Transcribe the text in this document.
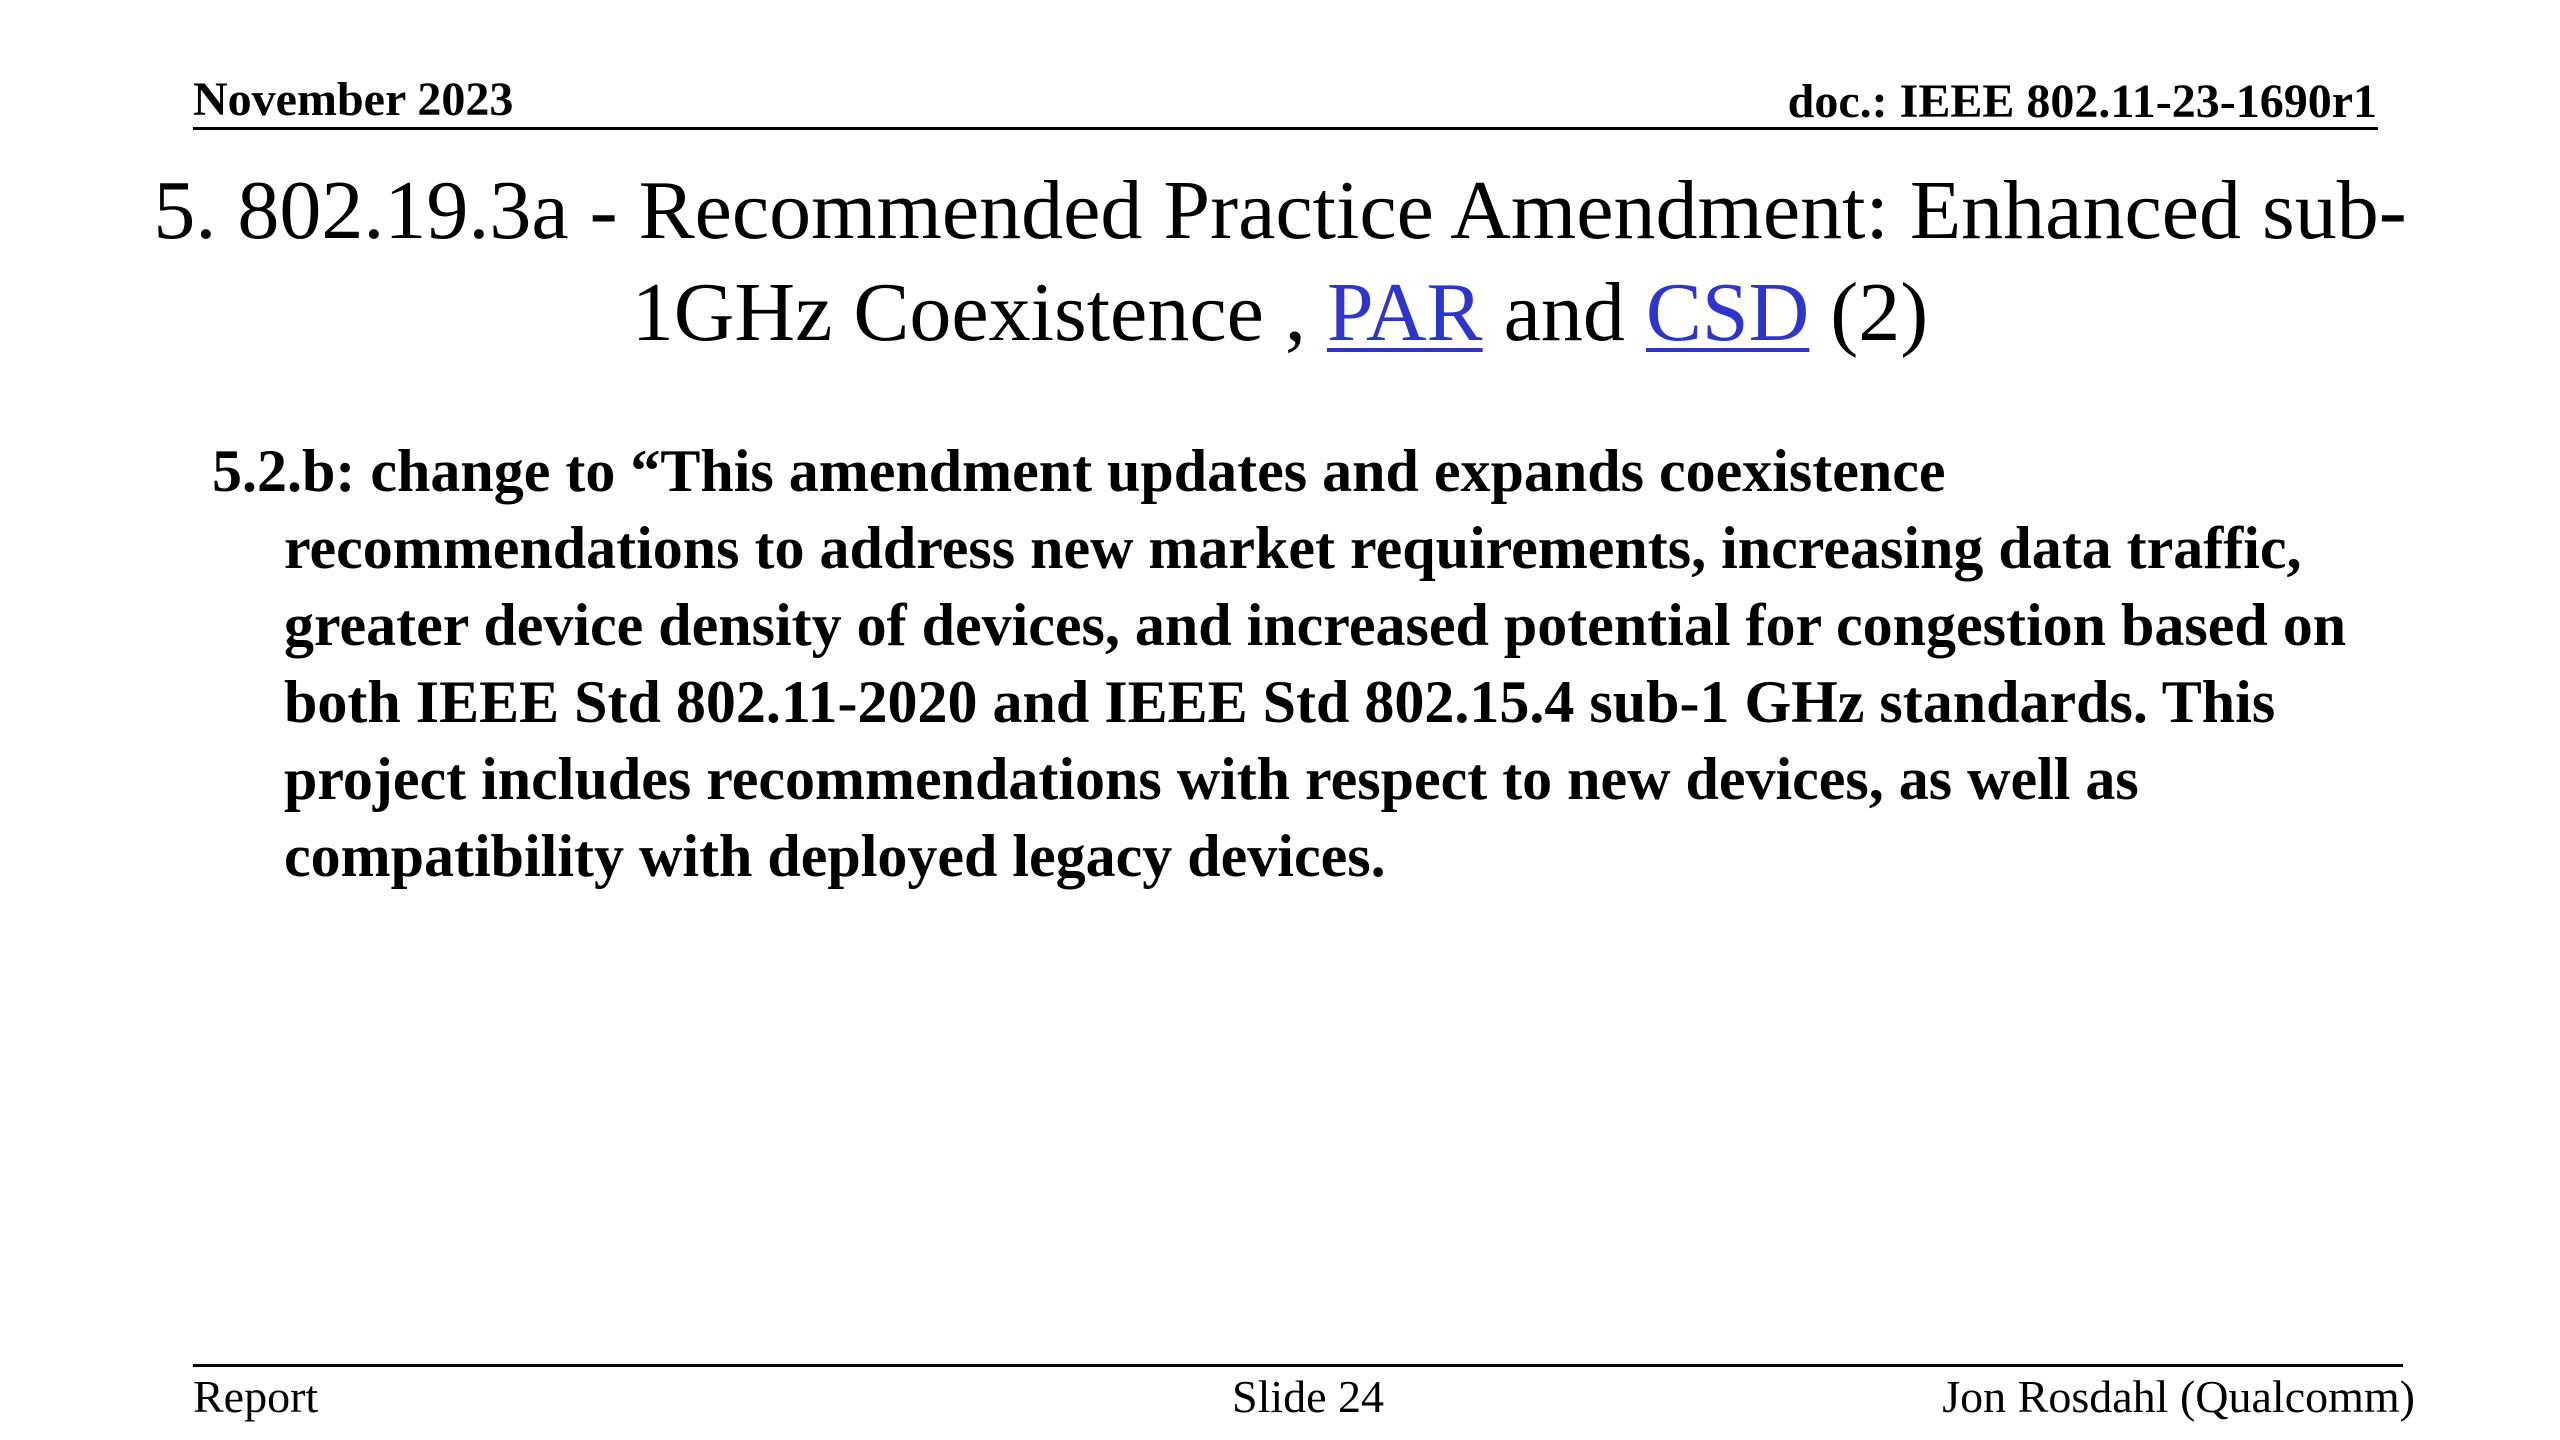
November 2023	doc.: IEEE 802.11-23-1690r1
5. 802.19.3a - Recommended Practice Amendment: Enhanced sub-1GHz Coexistence , PAR and CSD (2)
5.2.b: change to “This amendment updates and expands coexistence recommendations to address new market requirements, increasing data traffic, greater device density of devices, and increased potential for congestion based on both IEEE Std 802.11-2020 and IEEE Std 802.15.4 sub-1 GHz standards. This project includes recommendations with respect to new devices, as well as compatibility with deployed legacy devices.
Report	Slide 24	Jon Rosdahl (Qualcomm)
